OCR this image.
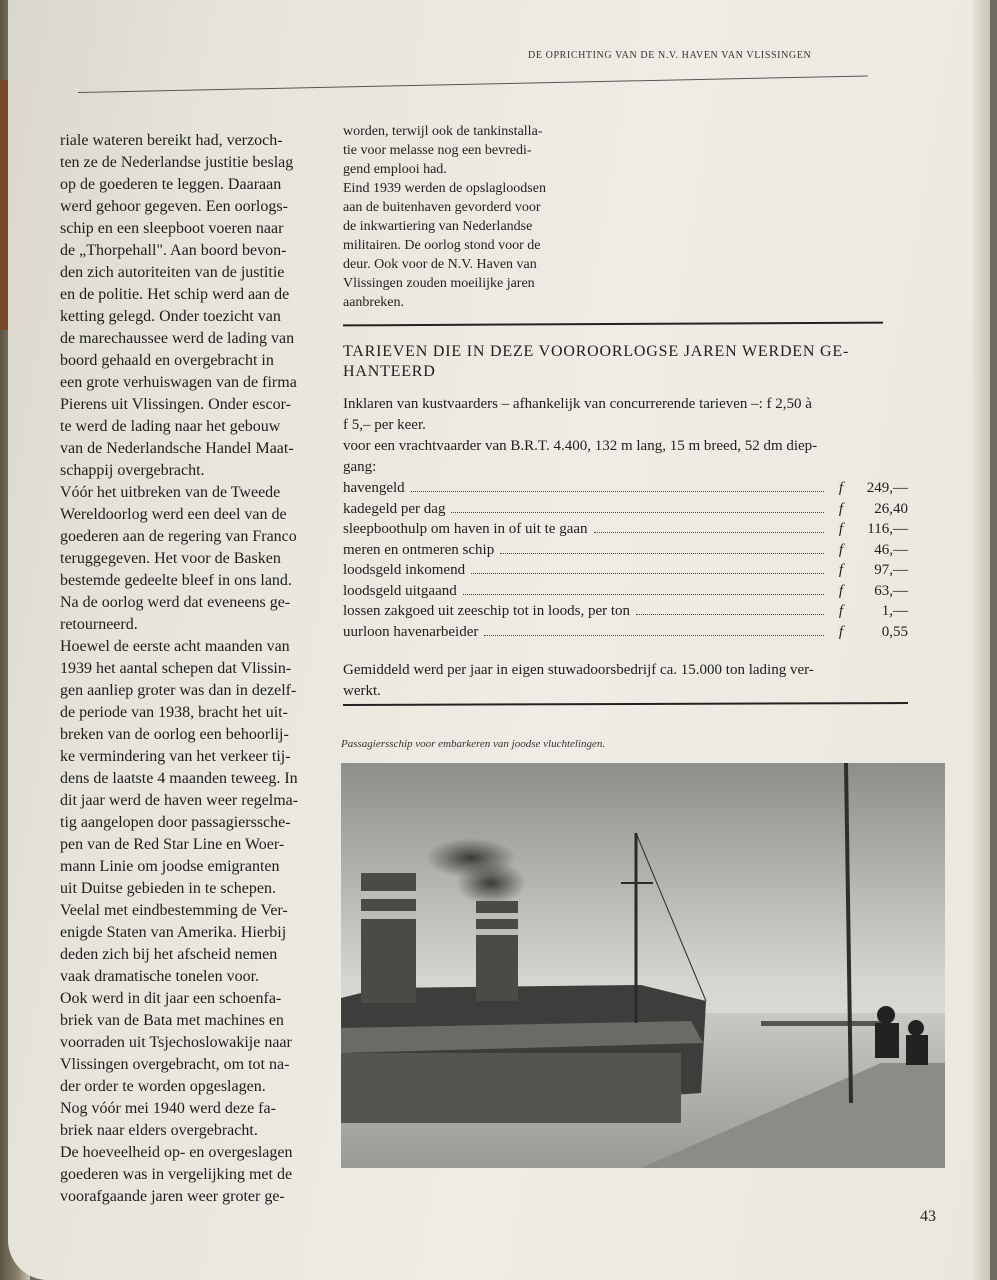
DE OPRICHTING VAN DE N.V. HAVEN VAN VLISSINGEN

riale wateren bereikt had, verzoch-

ten ze de Nederlandse justitie beslag

op de goederen te leggen. Daaraan

werd gehoor gegeven. Een oorlogs-

schip en een sleepboot voeren naar

de „Thorpehall". Aan boord bevon-

den zich autoriteiten van de justitie

en de politie. Het schip werd aan de

ketting gelegd. Onder toezicht van

de marechaussee werd de lading van

boord gehaald en overgebracht in

een grote verhuiswagen van de firma

Pierens uit Vlissingen. Onder escor-

te werd de lading naar het gebouw

van de Nederlandsche Handel Maat-

schappij overgebracht.

Vóór het uitbreken van de Tweede

Wereldoorlog werd een deel van de

goederen aan de regering van Franco

teruggegeven. Het voor de Basken

bestemde gedeelte bleef in ons land.

Na de oorlog werd dat eveneens ge-

retourneerd.

Hoewel de eerste acht maanden van

1939 het aantal schepen dat Vlissin-

gen aanliep groter was dan in dezelf-

de periode van 1938, bracht het uit-

breken van de oorlog een behoorlij-

ke vermindering van het verkeer tij-

dens de laatste 4 maanden teweeg. In

dit jaar werd de haven weer regelma-

tig aangelopen door passagierssche-

pen van de Red Star Line en Woer-

mann Linie om joodse emigranten

uit Duitse gebieden in te schepen.

Veelal met eindbestemming de Ver-

enigde Staten van Amerika. Hierbij

deden zich bij het afscheid nemen

vaak dramatische tonelen voor.

Ook werd in dit jaar een schoenfa-

briek van de Bata met machines en

voorraden uit Tsjechoslowakije naar

Vlissingen overgebracht, om tot na-

der order te worden opgeslagen.

Nog vóór mei 1940 werd deze fa-

briek naar elders overgebracht.

De hoeveelheid op- en overgeslagen

goederen was in vergelijking met de

voorafgaande jaren weer groter ge-

worden, terwijl ook de tankinstalla-

tie voor melasse nog een bevredi-

gend emplooi had.

Eind 1939 werden de opslagloodsen

aan de buitenhaven gevorderd voor

de inkwartiering van Nederlandse

militairen. De oorlog stond voor de

deur. Ook voor de N.V. Haven van

Vlissingen zouden moeilijke jaren

aanbreken.

TARIEVEN DIE IN DEZE VOOROORLOGSE JAREN WERDEN GE-
HANTEERD
Inklaren van kustvaarders – afhankelijk van concurrerende tarieven –: f 2,50 à
f 5,– per keer.
voor een vrachtvaarder van B.R.T. 4.400, 132 m lang, 15 m breed, 52 dm diep-
gang:
havengeld	f	249,—
kadegeld per dag	f	26,40
sleepboothulp om haven in of uit te gaan	f	116,—
meren en ontmeren schip	f	46,—
loodsgeld inkomend	f	97,—
loodsgeld uitgaand	f	63,—
lossen zakgoed uit zeeschip tot in loods, per ton	f	1,—
uurloon havenarbeider	f	0,55
Gemiddeld werd per jaar in eigen stuwadoorsbedrijf ca. 15.000 ton lading ver-
werkt.
Passagiersschip voor embarkeren van joodse vluchtelingen.
43
